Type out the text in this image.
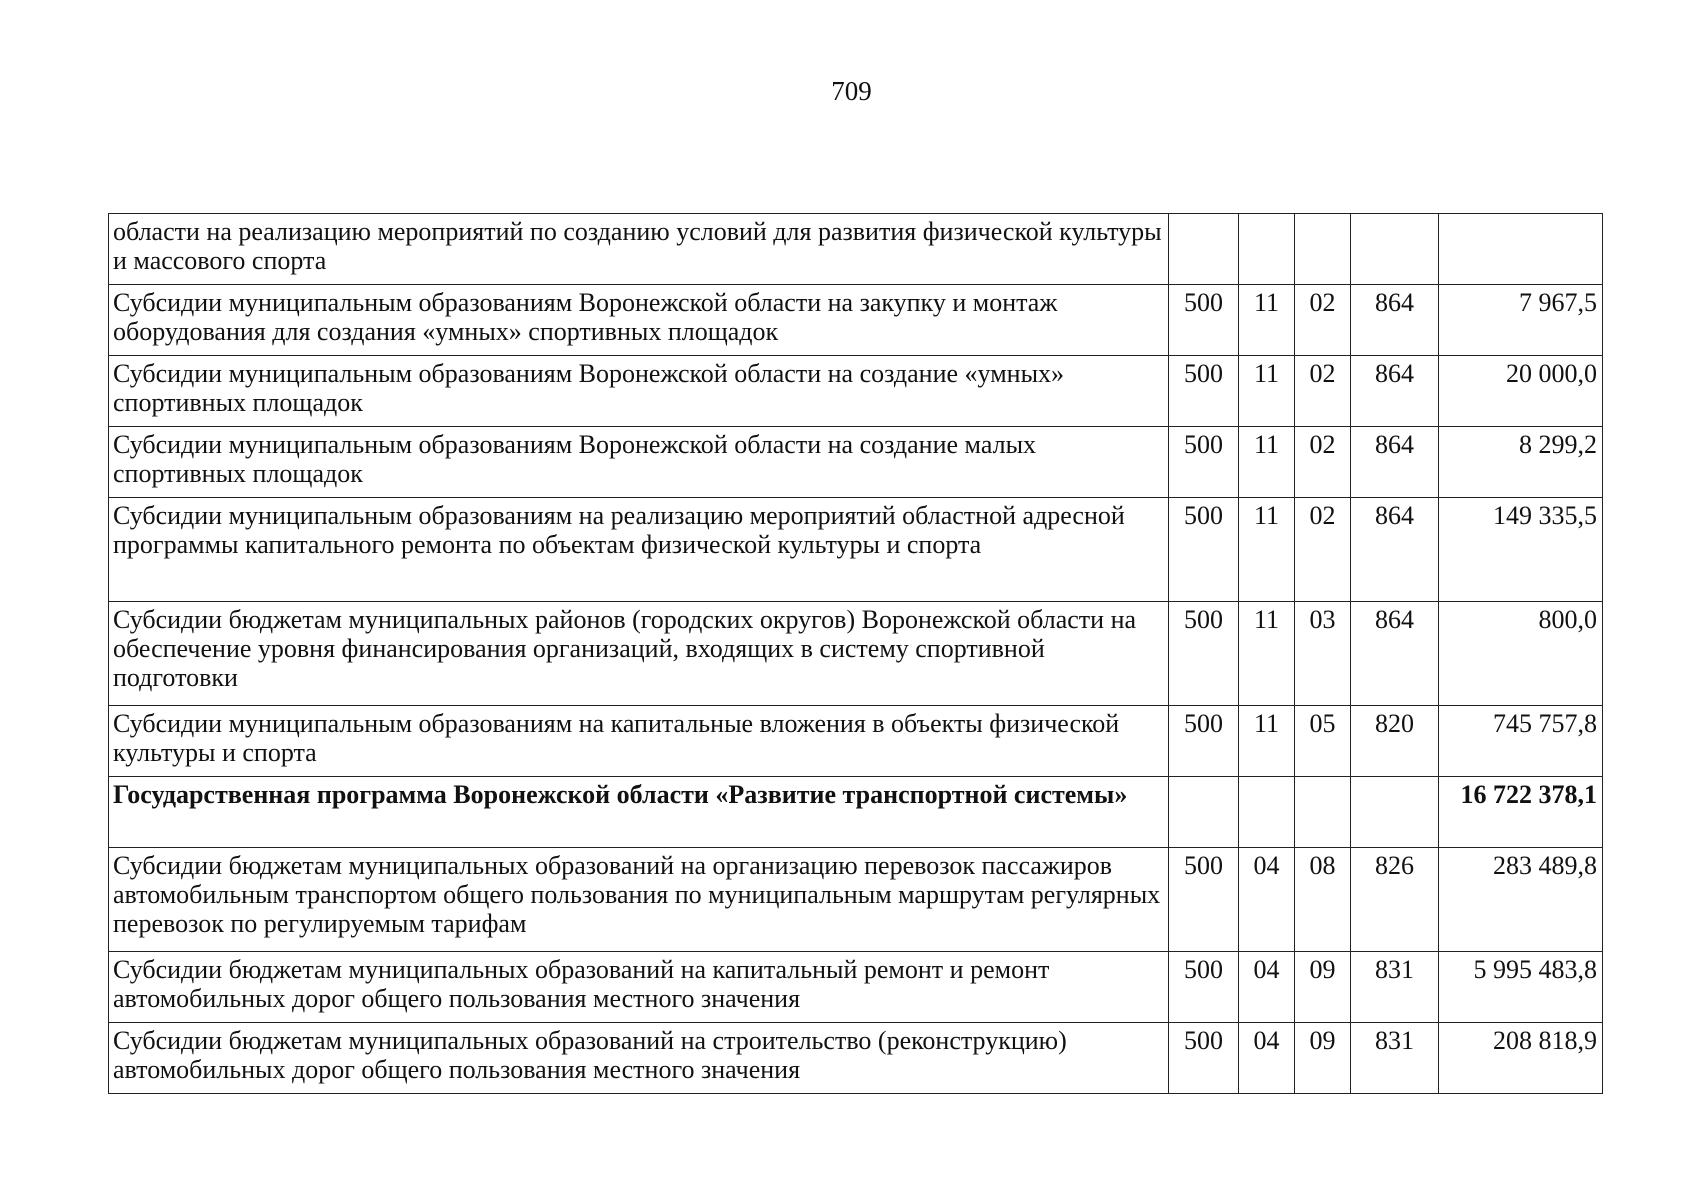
709
области на реализацию мероприятий по созданию условий для развития физической культуры и массового спорта					
Субсидии муниципальным образованиям Воронежской области на закупку и монтаж оборудования для создания «умных» спортивных площадок	500	11	02	864	7 967,5
Субсидии муниципальным образованиям Воронежской области на создание «умных» спортивных площадок	500	11	02	864	20 000,0
Субсидии муниципальным образованиям Воронежской области на создание малых спортивных площадок	500	11	02	864	8 299,2
Субсидии муниципальным образованиям на реализацию мероприятий областной адресной программы капитального ремонта по объектам физической культуры и спорта	500	11	02	864	149 335,5
Субсидии бюджетам муниципальных районов (городских округов) Воронежской области на обеспечение уровня финансирования организаций, входящих в систему спортивной подготовки	500	11	03	864	800,0
Субсидии муниципальным образованиям на капитальные вложения в объекты физической культуры и спорта	500	11	05	820	745 757,8
Государственная программа Воронежской области «Развитие транспортной системы»					16 722 378,1
Субсидии бюджетам муниципальных образований на организацию перевозок пассажиров автомобильным транспортом общего пользования по муниципальным маршрутам регулярных перевозок по регулируемым тарифам	500	04	08	826	283 489,8
Субсидии бюджетам муниципальных образований на капитальный ремонт и ремонт автомобильных дорог общего пользования местного значения	500	04	09	831	5 995 483,8
Субсидии бюджетам муниципальных образований на строительство (реконструкцию) автомобильных дорог общего пользования местного значения	500	04	09	831	208 818,9
